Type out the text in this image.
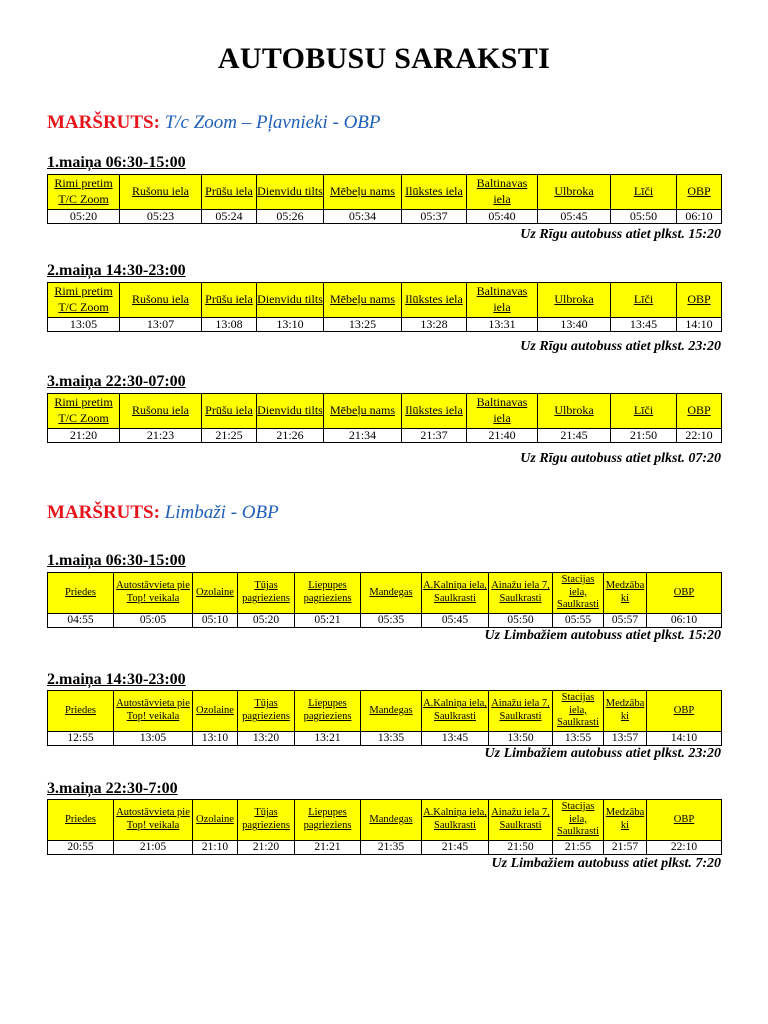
AUTOBUSU SARAKSTI
MARŠRUTS: T/c Zoom – Pļavnieki - OBP
1.maiņa 06:30-15:00
Rimi pretim T/C Zoom	Rušonu iela	Prūšu iela	Dienvidu tilts	Mēbeļu nams	Ilūkstes iela	Baltinavas iela	Ulbroka	Līči	OBP
05:20	05:23	05:24	05:26	05:34	05:37	05:40	05:45	05:50	06:10
Uz Rīgu autobuss atiet plkst. 15:20
2.maiņa 14:30-23:00
Rimi pretim T/C Zoom	Rušonu iela	Prūšu iela	Dienvidu tilts	Mēbeļu nams	Ilūkstes iela	Baltinavas iela	Ulbroka	Līči	OBP
13:05	13:07	13:08	13:10	13:25	13:28	13:31	13:40	13:45	14:10
Uz Rīgu autobuss atiet plkst. 23:20
3.maiņa 22:30-07:00
Rimi pretim T/C Zoom	Rušonu iela	Prūšu iela	Dienvidu tilts	Mēbeļu nams	Ilūkstes iela	Baltinavas iela	Ulbroka	Līči	OBP
21:20	21:23	21:25	21:26	21:34	21:37	21:40	21:45	21:50	22:10
Uz Rīgu autobuss atiet plkst. 07:20
MARŠRUTS: Limbaži - OBP
1.maiņa 06:30-15:00
Priedes	Autostāvvieta pie Top! veikala	Ozolaine	Tūjas pagrieziens	Liepupes pagrieziens	Mandegas	A.Kalniņa iela, Saulkrasti	Ainažu iela 7, Saulkrasti	Stacijas iela, Saulkrasti	Medzāba ki	OBP
04:55	05:05	05:10	05:20	05:21	05:35	05:45	05:50	05:55	05:57	06:10
Uz Limbažiem autobuss atiet plkst. 15:20
2.maiņa 14:30-23:00
Priedes	Autostāvvieta pie Top! veikala	Ozolaine	Tūjas pagrieziens	Liepupes pagrieziens	Mandegas	A.Kalniņa iela, Saulkrasti	Ainažu iela 7, Saulkrasti	Stacijas iela, Saulkrasti	Medzāba ki	OBP
12:55	13:05	13:10	13:20	13:21	13:35	13:45	13:50	13:55	13:57	14:10
Uz Limbažiem autobuss atiet plkst. 23:20
3.maiņa 22:30-7:00
Priedes	Autostāvvieta pie Top! veikala	Ozolaine	Tūjas pagrieziens	Liepupes pagrieziens	Mandegas	A.Kalniņa iela, Saulkrasti	Ainažu iela 7, Saulkrasti	Stacijas iela, Saulkrasti	Medzāba ki	OBP
20:55	21:05	21:10	21:20	21:21	21:35	21:45	21:50	21:55	21:57	22:10
Uz Limbažiem autobuss atiet plkst. 7:20
